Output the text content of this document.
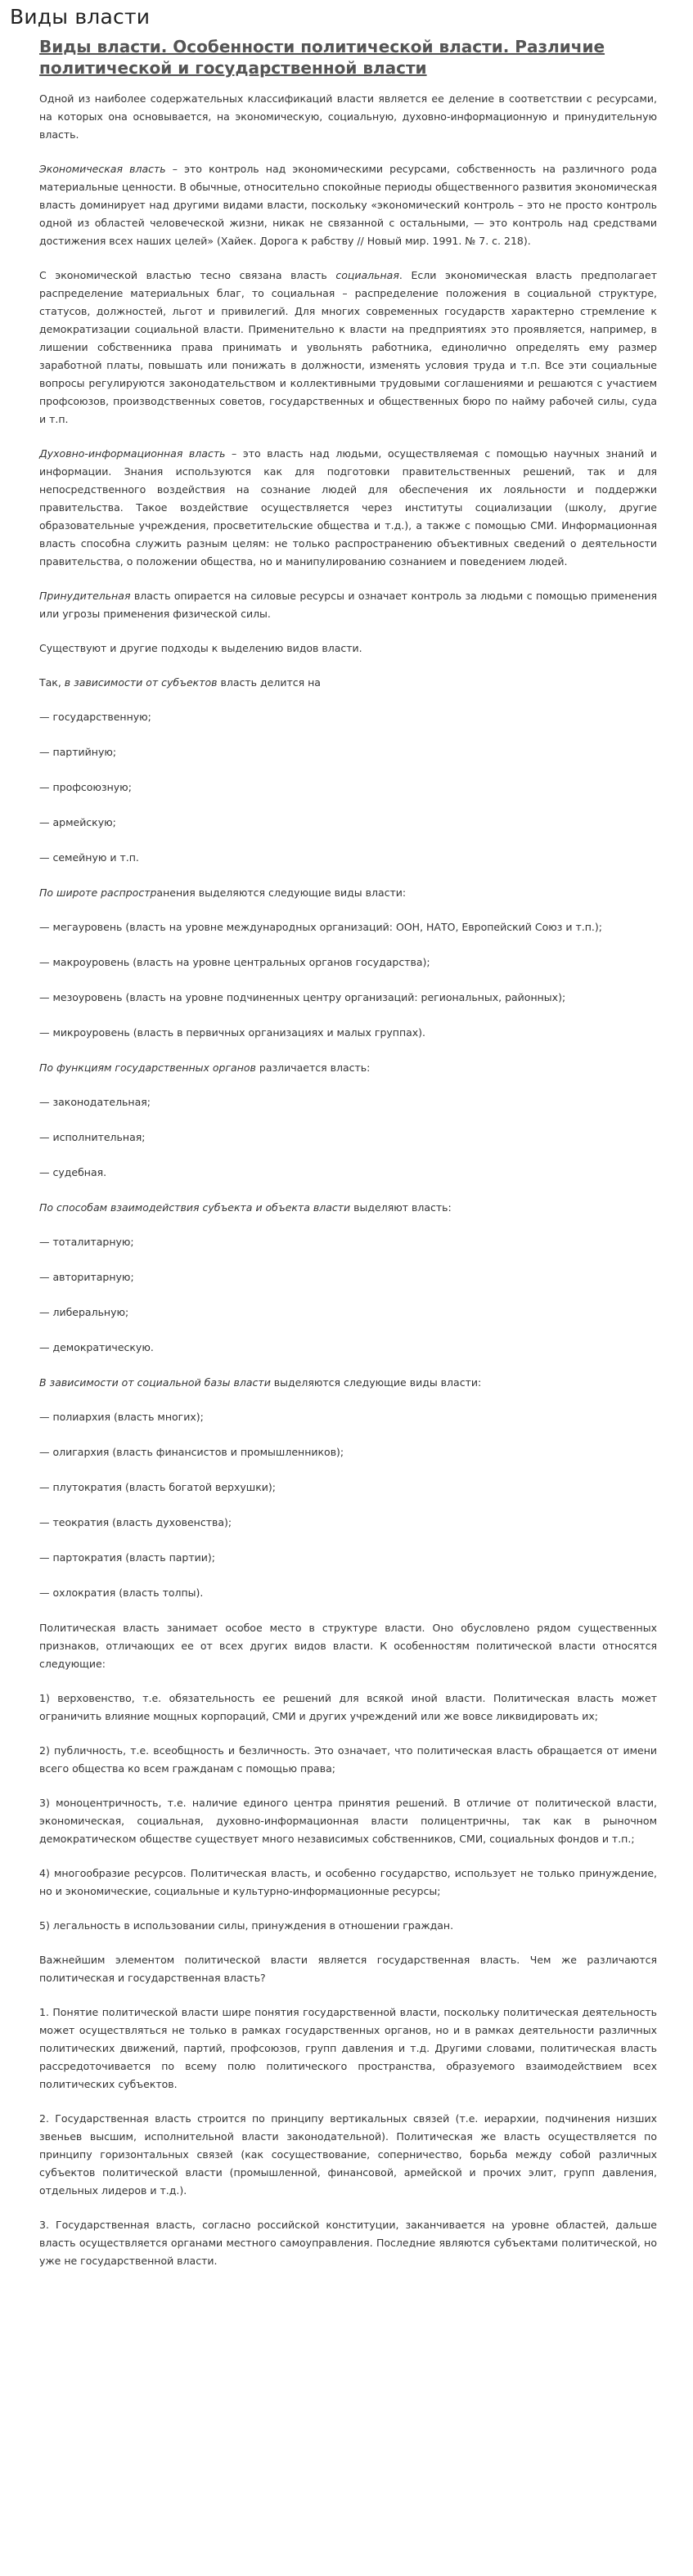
Виды власти
Виды власти. Особенности политической власти. Различие политической и государственной власти

Одной из наиболее содержательных классификаций власти является ее деление в соответствии с ресурсами, на которых она основывается, на экономическую, социальную, духовно-информационную и принудительную власть.

Экономическая власть – это контроль над экономическими ресурсами, собственность на различного рода материальные ценности. В обычные, относительно спокойные периоды общественного развития экономическая власть доминирует над другими видами власти, поскольку «экономический контроль – это не просто контроль одной из областей человеческой жизни, никак не связанной с остальными, — это контроль над средствами достижения всех наших целей» (Хайек. Дорога к рабству // Новый мир. 1991. № 7. с. 218).

С экономической властью тесно связана власть социальная. Если экономическая власть предполагает распределение материальных благ, то социальная – распределение положения в социальной структуре, статусов, должностей, льгот и привилегий. Для многих современных государств характерно стремление к демократизации социальной власти. Применительно к власти на предприятиях это проявляется, например, в лишении собственника права принимать и увольнять работника, единолично определять ему размер заработной платы, повышать или понижать в должности, изменять условия труда и т.п. Все эти социальные вопросы регулируются законодательством и коллективными трудовыми соглашениями и решаются с участием профсоюзов, производственных советов, государственных и общественных бюро по найму рабочей силы, суда и т.п.

Духовно-информационная власть – это власть над людьми, осуществляемая с помощью научных знаний и информации. Знания используются как для подготовки правительственных решений, так и для непосредственного воздействия на сознание людей для обеспечения их лояльности и поддержки правительства. Такое воздействие осуществляется через институты социализации (школу, другие образовательные учреждения, просветительские общества и т.д.), а также с помощью СМИ. Информационная власть способна служить разным целям: не только распространению объективных сведений о деятельности правительства, о положении общества, но и манипулированию сознанием и поведением людей.

Принудительная власть опирается на силовые ресурсы и означает контроль за людьми с помощью применения или угрозы применения физической силы.

Существуют и другие подходы к выделению видов власти.

Так, в зависимости от субъектов власть делится на

— государственную;

— партийную;

— профсоюзную;

— армейскую;

— семейную и т.п.

По широте распространения выделяются следующие виды власти:

— мегауровень (власть на уровне международных организаций: ООН, НАТО, Европейский Союз и т.п.);

— макроуровень (власть на уровне центральных органов государства);

— мезоуровень (власть на уровне подчиненных центру организаций: региональных, районных);

— микроуровень (власть в первичных организациях и малых группах).

По функциям государственных органов различается власть:

— законодательная;

— исполнительная;

— судебная.

По способам взаимодействия субъекта и объекта власти выделяют власть:

— тоталитарную;

— авторитарную;

— либеральную;

— демократическую.

В зависимости от социальной базы власти выделяются следующие виды власти:

— полиархия (власть многих);

— олигархия (власть финансистов и промышленников);

— плутократия (власть богатой верхушки);

— теократия (власть духовенства);

— партократия (власть партии);

— охлократия (власть толпы).

Политическая власть занимает особое место в структуре власти. Оно обусловлено рядом существенных признаков, отличающих ее от всех других видов власти. К особенностям политической власти относятся следующие:

1) верховенство, т.е. обязательность ее решений для всякой иной власти. Политическая власть может ограничить влияние мощных корпораций, СМИ и других учреждений или же вовсе ликвидировать их;

2) публичность, т.е. всеобщность и безличность. Это означает, что политическая власть обращается от имени всего общества ко всем гражданам с помощью права;

3) моноцентричность, т.е. наличие единого центра принятия решений. В отличие от политической власти, экономическая, социальная, духовно-информационная власти полицентричны, так как в рыночном демократическом обществе существует много независимых собственников, СМИ, социальных фондов и т.п.;

4) многообразие ресурсов. Политическая власть, и особенно государство, использует не только принуждение, но и экономические, социальные и культурно-информационные ресурсы;

5) легальность в использовании силы, принуждения в отношении граждан.

Важнейшим элементом политической власти является государственная власть. Чем же различаются политическая и государственная власть?

1. Понятие политической власти шире понятия государственной власти, поскольку политическая деятельность может осуществляться не только в рамках государственных органов, но и в рамках деятельности различных политических движений, партий, профсоюзов, групп давления и т.д. Другими словами, политическая власть рассредоточивается по всему полю политического пространства, образуемого взаимодействием всех политических субъектов.

2. Государственная власть строится по принципу вертикальных связей (т.е. иерархии, подчинения низших звеньев высшим, исполнительной власти законодательной). Политическая же власть осуществляется по принципу горизонтальных связей (как сосуществование, соперничество, борьба между собой различных субъектов политической власти (промышленной, финансовой, армейской и прочих элит, групп давления, отдельных лидеров и т.д.).

3. Государственная власть, согласно российской конституции, заканчивается на уровне областей, дальше власть осуществляется органами местного самоуправления. Последние являются субъектами политической, но уже не государственной власти.
